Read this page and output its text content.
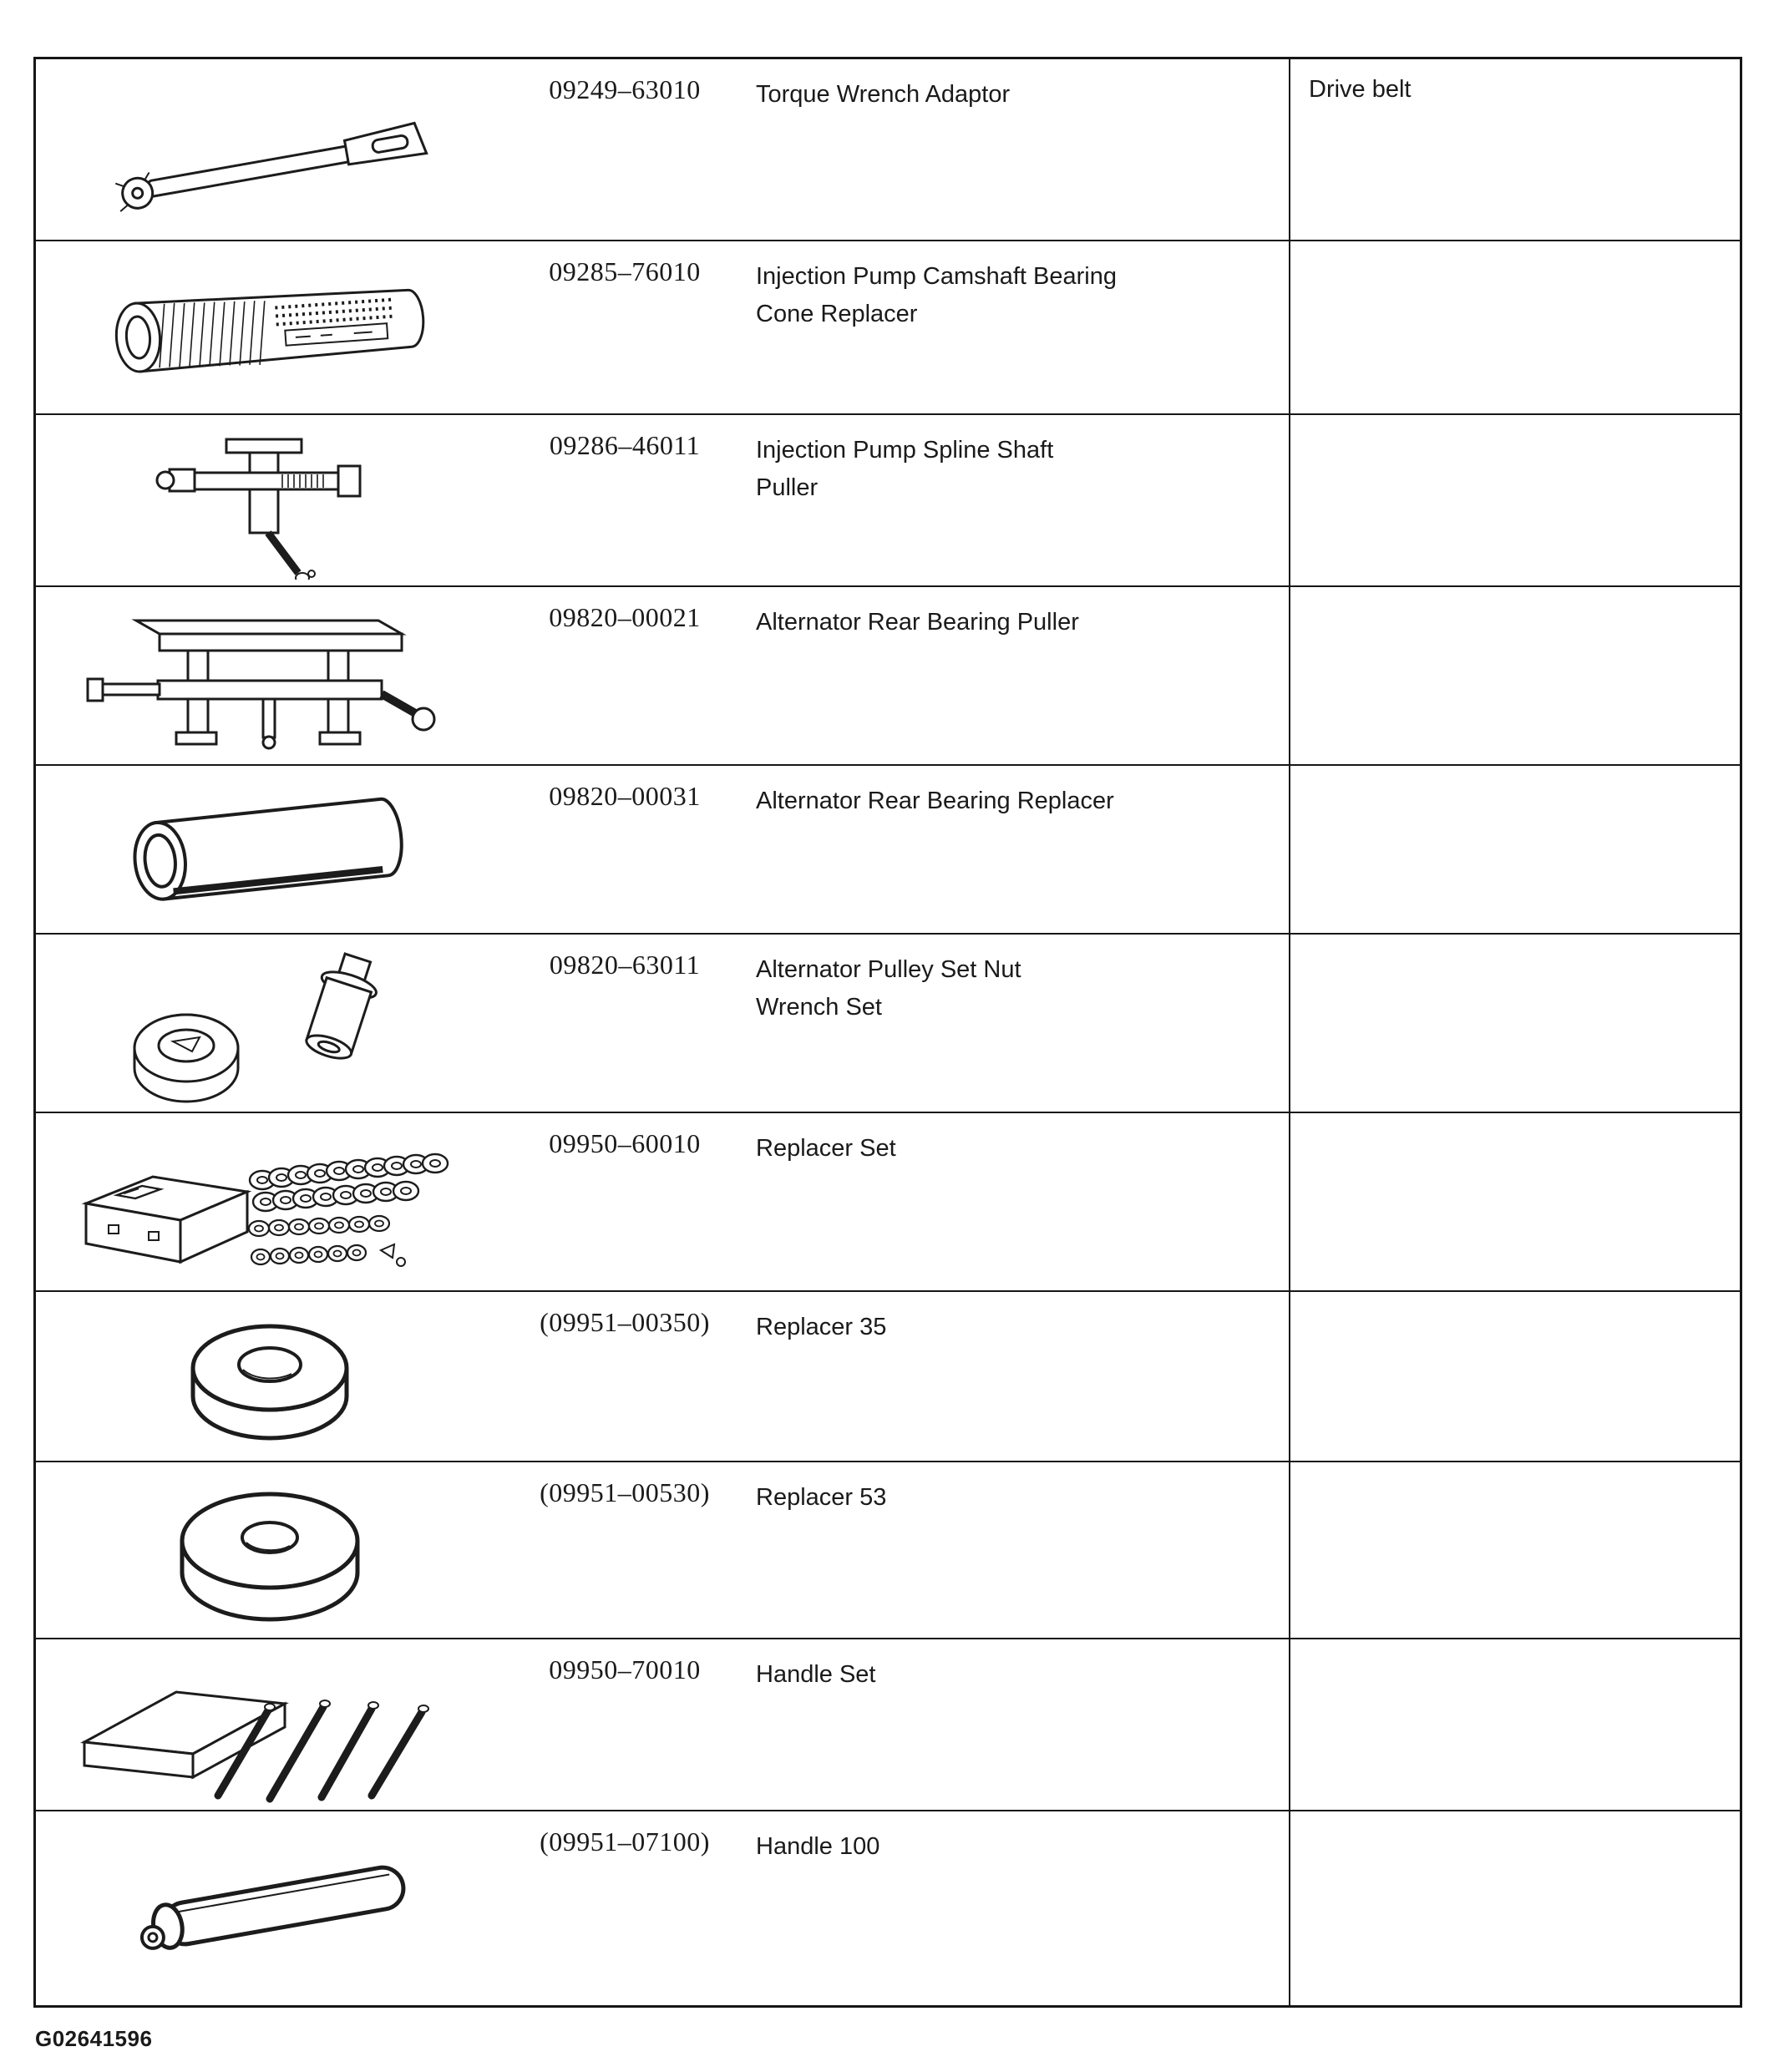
09249–63010	Torque Wrench Adaptor	Drive belt
09285–76010	Injection Pump Camshaft Bearing
Cone Replacer
09286–46011	Injection Pump Spline Shaft
Puller
09820–00021	Alternator Rear Bearing Puller
09820–00031	Alternator Rear Bearing Replacer
09820–63011	Alternator Pulley Set Nut
Wrench Set
09950–60010	Replacer Set
(09951–00350)	Replacer 35
(09951–00530)	Replacer 53
09950–70010	Handle Set
(09951–07100)	Handle 100
G02641596
